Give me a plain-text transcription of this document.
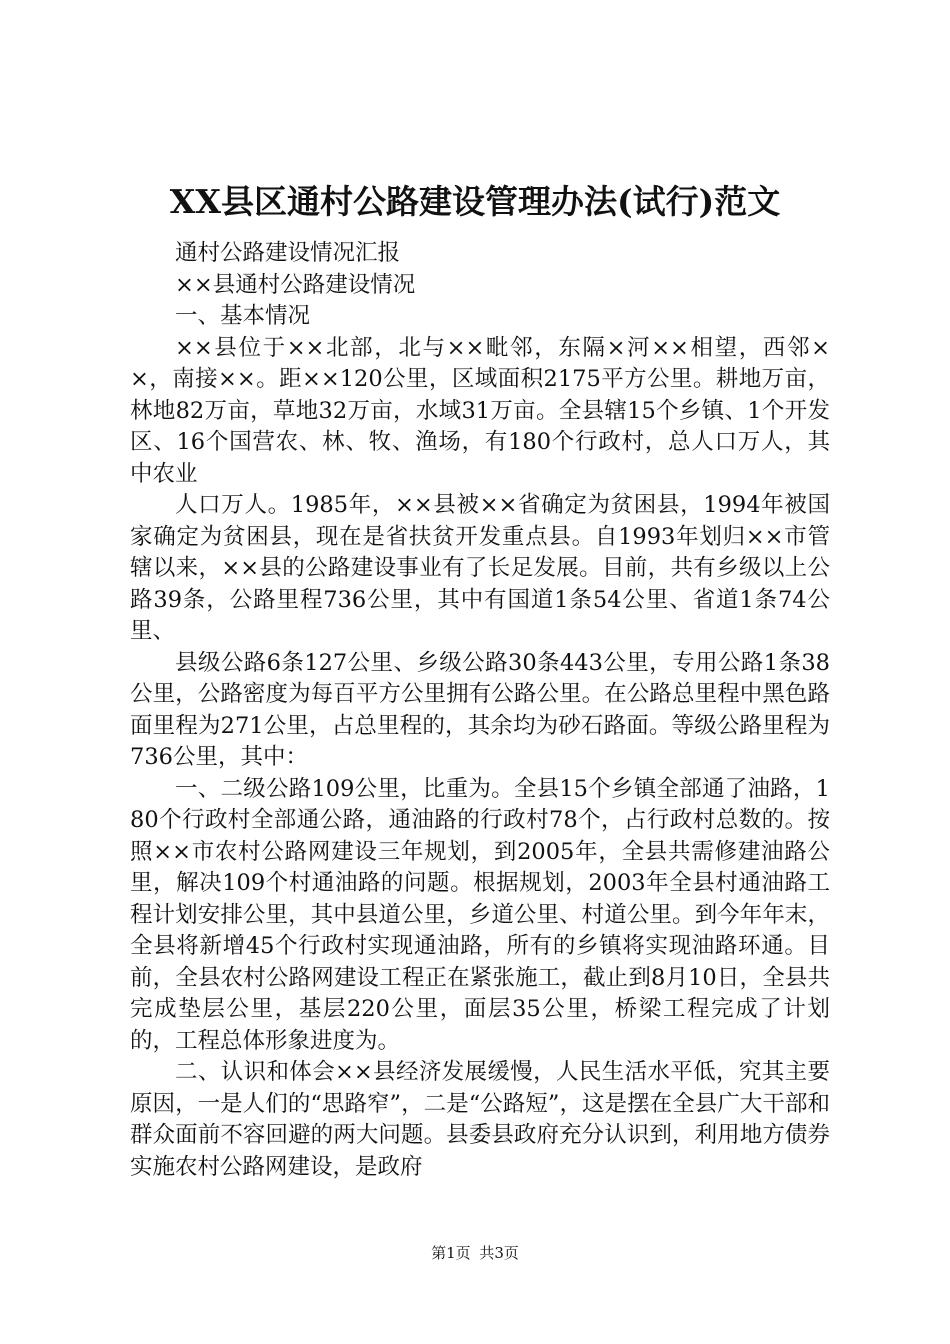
XX县区通村公路建设管理办法(试行)范文

通村公路建设情况汇报

××县通村公路建设情况

一、基本情况

××县位于××北部，北与××毗邻，东隔×河××相望，西邻××，南接××。距××120公里，区域面积2175平方公里。耕地万亩，林地82万亩，草地32万亩，水域31万亩。全县辖15个乡镇、1个开发区、16个国营农、林、牧、渔场，有180个行政村，总人口万人，其中农业

人口万人。1985年，××县被××省确定为贫困县，1994年被国家确定为贫困县，现在是省扶贫开发重点县。自1993年划归××市管辖以来，××县的公路建设事业有了长足发展。目前，共有乡级以上公路39条，公路里程736公里，其中有国道1条54公里、省道1条74公里、

县级公路6条127公里、乡级公路30条443公里，专用公路1条38公里，公路密度为每百平方公里拥有公路公里。在公路总里程中黑色路面里程为271公里，占总里程的，其余均为砂石路面。等级公路里程为736公里，其中：

一、二级公路109公里，比重为。全县15个乡镇全部通了油路，180个行政村全部通公路，通油路的行政村78个，占行政村总数的。按照××市农村公路网建设三年规划，到2005年，全县共需修建油路公里，解决109个村通油路的问题。根据规划，2003年全县村通油路工程计划安排公里，其中县道公里，乡道公里、村道公里。到今年年末，全县将新增45个行政村实现通油路，所有的乡镇将实现油路环通。目前，全县农村公路网建设工程正在紧张施工，截止到8月10日，全县共完成垫层公里，基层220公里，面层35公里，桥梁工程完成了计划的，工程总体形象进度为。

二、认识和体会××县经济发展缓慢，人民生活水平低，究其主要原因，一是人们的“思路窄”，二是“公路短”，这是摆在全县广大干部和群众面前不容回避的两大问题。县委县政府充分认识到，利用地方债券实施农村公路网建设，是政府

第1页 共3页
